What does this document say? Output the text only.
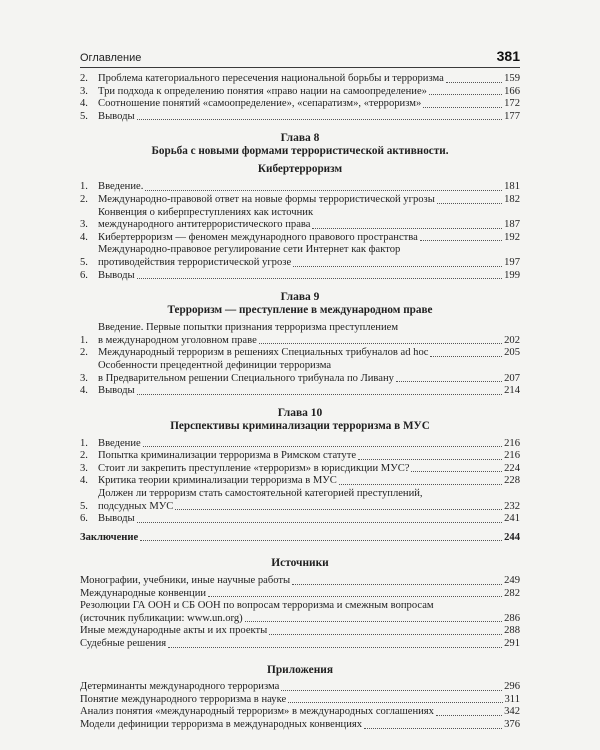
Оглавление	381
2. Проблема категориального пересечения национальной борьбы и терроризма	159
3. Три подхода к определению понятия «право нации на самоопределение»	166
4. Соотношение понятий «самоопределение», «сепаратизм», «терроризм»	172
5. Выводы	177
Глава 8
Борьба с новыми формами террористической активности.
Кибертерроризм
1. Введение.	181
2. Международно-правовой ответ на новые формы террористической угрозы	182
3.
Конвенция о киберпреступлениях как источник
международного антитеррористического права	187
4. Кибертерроризм — феномен международного правового пространства	192
5.
Международно-правовое регулирование сети Интернет как фактор
противодействия террористической угрозе	197
6. Выводы	199
Глава 9
Терроризм — преступление в международном праве
1.
Введение. Первые попытки признания терроризма преступлением
в международном уголовном праве	202
2. Международный терроризм в решениях Специальных трибуналов ad hoc	205
3.
Особенности прецедентной дефиниции терроризма
в Предварительном решении Специального трибунала по Ливану	207
4. Выводы	214
Глава 10
Перспективы криминализации терроризма в МУС
1. Введение	216
2. Попытка криминализации терроризма в Римском статуте	216
3. Стоит ли закрепить преступление «терроризм» в юрисдикции МУС?	224
4. Критика теории криминализации терроризма в МУС	228
5.
Должен ли терроризм стать самостоятельной категорией преступлений,
подсудных МУС	232
6. Выводы	241
Заключение	244
Источники
Монографии, учебники, иные научные работы	249
Международные конвенции	282
Резолюции ГА ООН и СБ ООН по вопросам терроризма и смежным вопросам
(источник публикации: www.un.org)	286
Иные международные акты и их проекты	288
Судебные решения	291
Приложения
Детерминанты международного терроризма	296
Понятие международного терроризма в науке	311
Анализ понятия «международный терроризм» в международных соглашениях	342
Модели дефиниции терроризма в международных конвенциях	376
